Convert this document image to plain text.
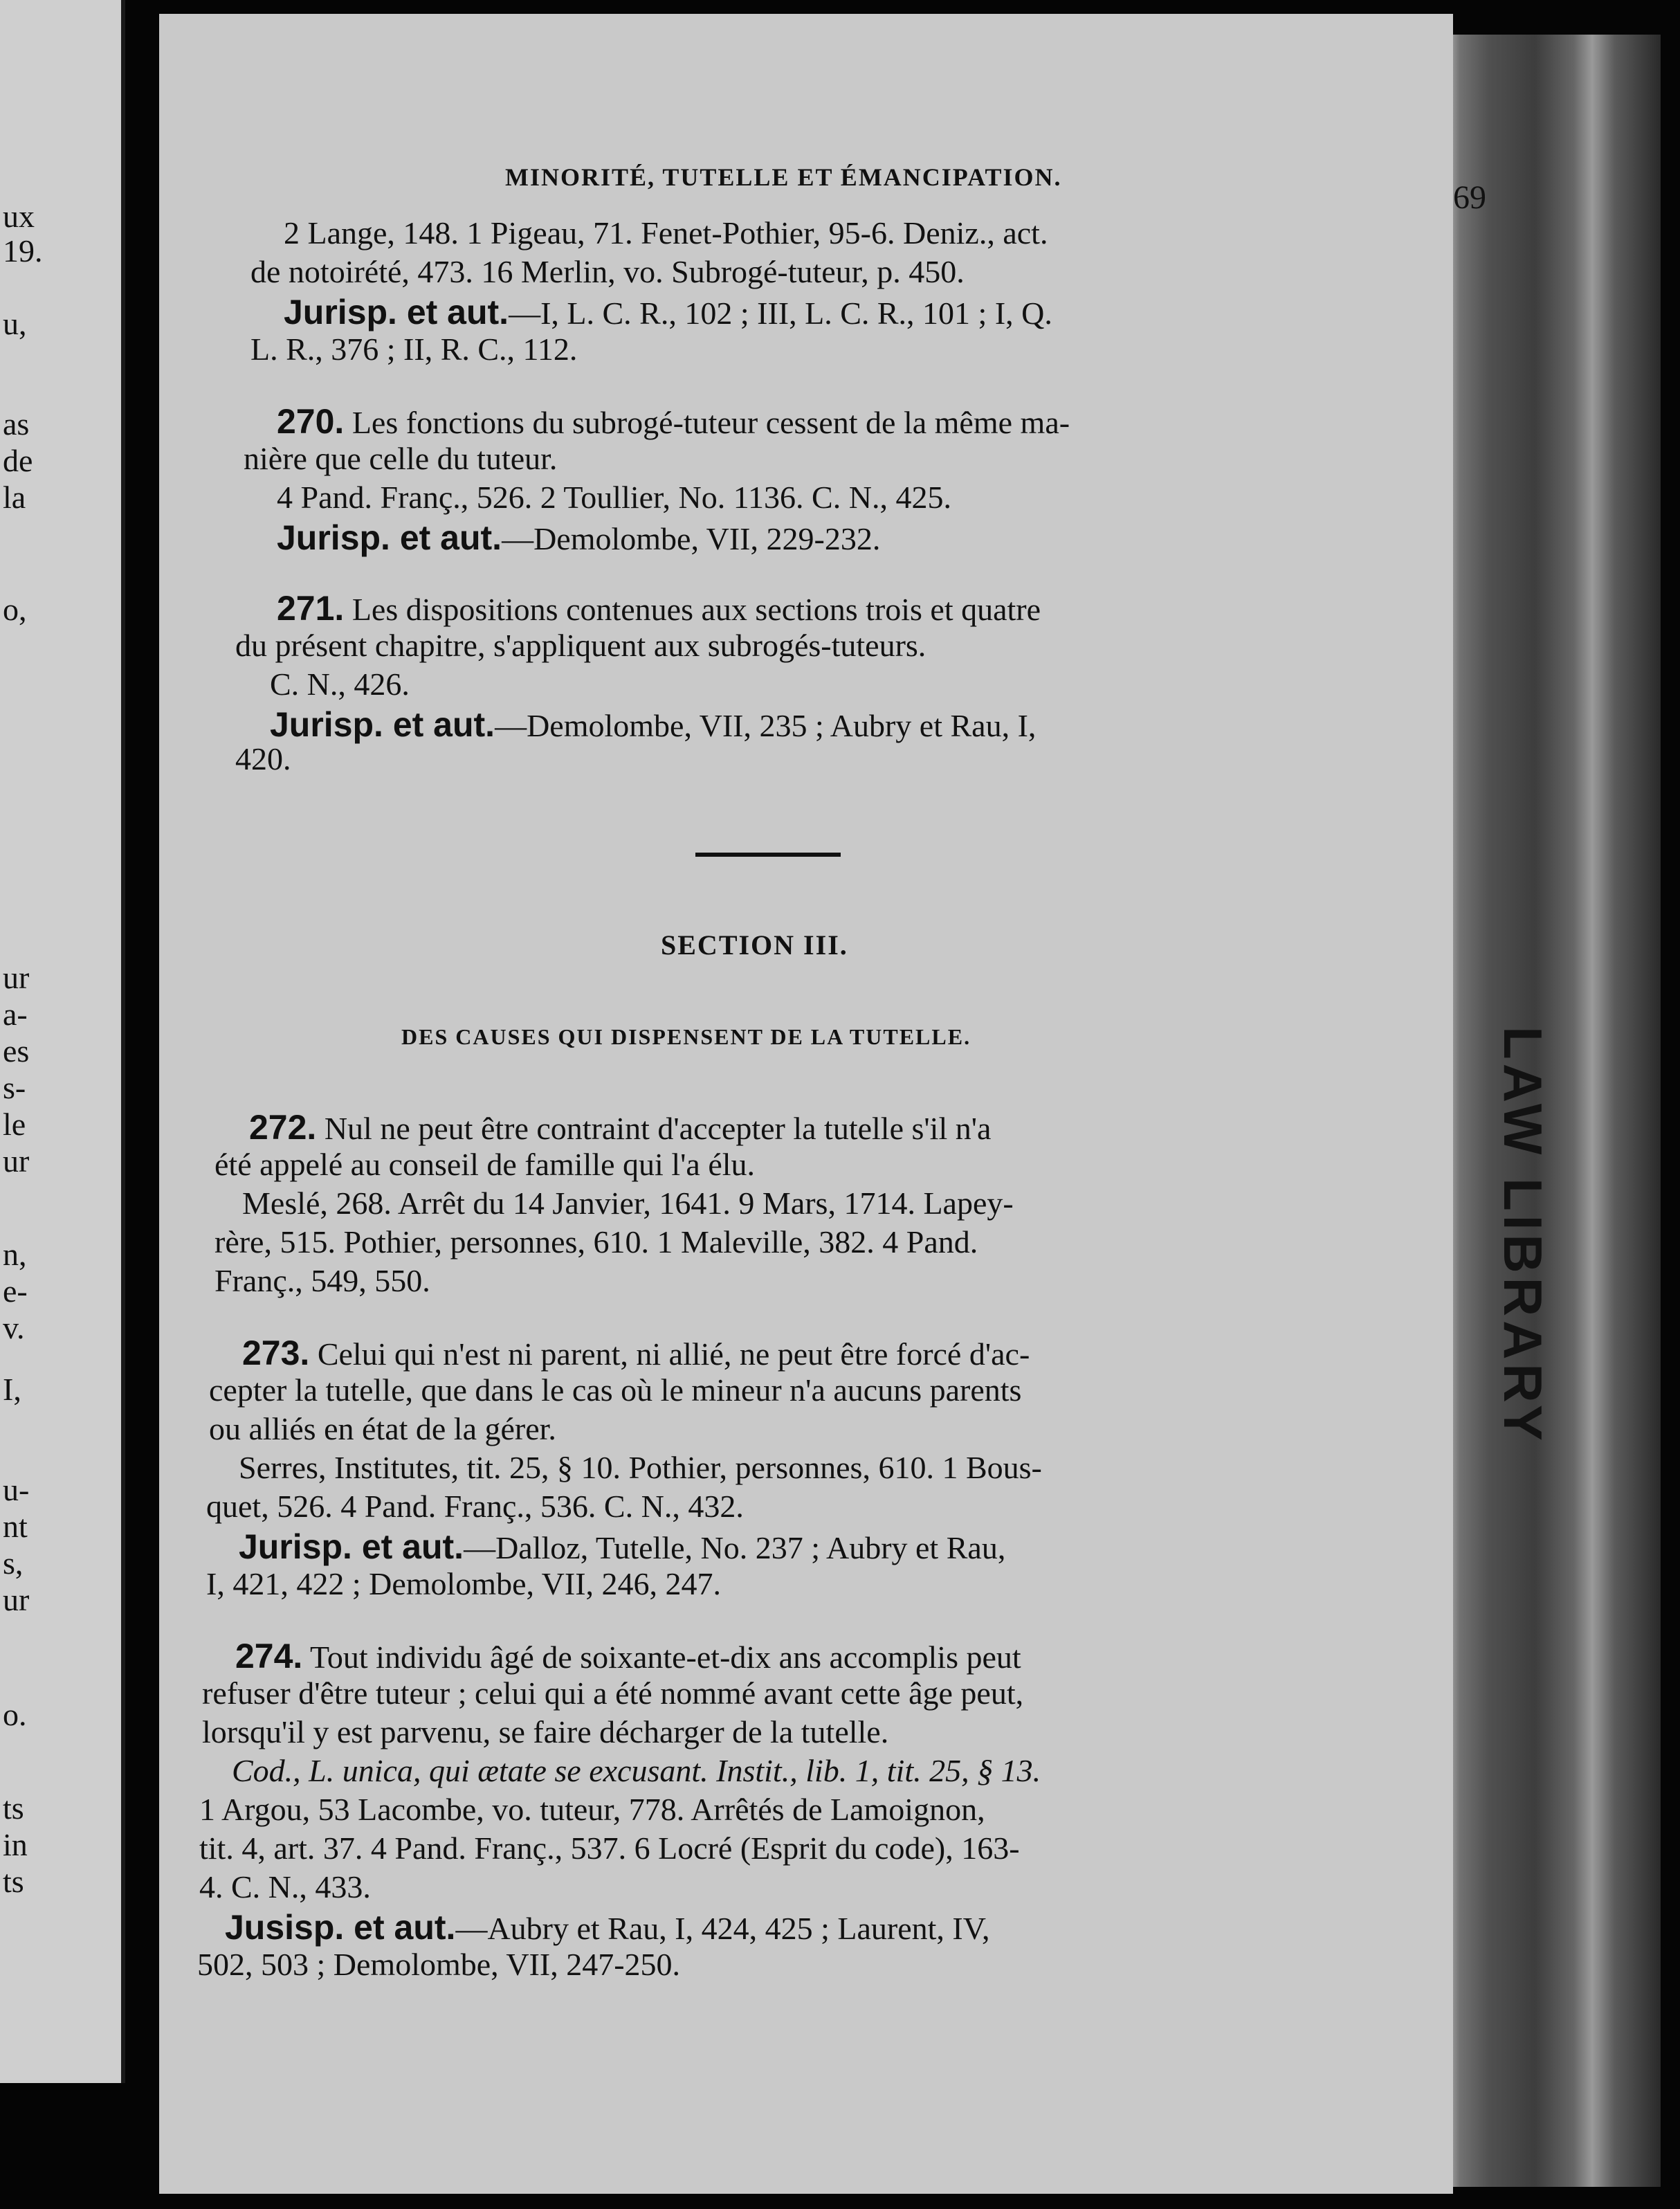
ux
19.
u,
as
de
la
o,
ur
a-
es
s-
le
ur
n,
e-
v.
I,
u-
nt
s,
ur
o.
ts
in
ts
LAW LIBRARY
MINORITÉ, TUTELLE ET ÉMANCIPATION.
69
2 Lange, 148. 1 Pigeau, 71. Fenet-Pothier, 95-6. Deniz., act.
de notoirété, 473. 16 Merlin, vo. Subrogé-tuteur, p. 450.
Jurisp. et aut.—I, L. C. R., 102 ; III, L. C. R., 101 ; I, Q.
L. R., 376 ; II, R. C., 112.
270. Les fonctions du subrogé-tuteur cessent de la même ma-
nière que celle du tuteur.
4 Pand. Franç., 526. 2 Toullier, No. 1136. C. N., 425.
Jurisp. et aut.—Demolombe, VII, 229-232.
271. Les dispositions contenues aux sections trois et quatre
du présent chapitre, s'appliquent aux subrogés-tuteurs.
C. N., 426.
Jurisp. et aut.—Demolombe, VII, 235 ; Aubry et Rau, I,
420.
SECTION III.
DES CAUSES QUI DISPENSENT DE LA TUTELLE.
272. Nul ne peut être contraint d'accepter la tutelle s'il n'a
été appelé au conseil de famille qui l'a élu.
Meslé, 268. Arrêt du 14 Janvier, 1641. 9 Mars, 1714. Lapey-
rère, 515. Pothier, personnes, 610. 1 Maleville, 382. 4 Pand.
Franç., 549, 550.
273. Celui qui n'est ni parent, ni allié, ne peut être forcé d'ac-
cepter la tutelle, que dans le cas où le mineur n'a aucuns parents
ou alliés en état de la gérer.
Serres, Institutes, tit. 25, § 10. Pothier, personnes, 610. 1 Bous-
quet, 526. 4 Pand. Franç., 536. C. N., 432.
Jurisp. et aut.—Dalloz, Tutelle, No. 237 ; Aubry et Rau,
I, 421, 422 ; Demolombe, VII, 246, 247.
274. Tout individu âgé de soixante-et-dix ans accomplis peut
refuser d'être tuteur ; celui qui a été nommé avant cette âge peut,
lorsqu'il y est parvenu, se faire décharger de la tutelle.
Cod., L. unica, qui ætate se excusant. Instit., lib. 1, tit. 25, § 13.
1 Argou, 53 Lacombe, vo. tuteur, 778. Arrêtés de Lamoignon,
tit. 4, art. 37. 4 Pand. Franç., 537. 6 Locré (Esprit du code), 163-
4. C. N., 433.
Jusisp. et aut.—Aubry et Rau, I, 424, 425 ; Laurent, IV,
502, 503 ; Demolombe, VII, 247-250.
